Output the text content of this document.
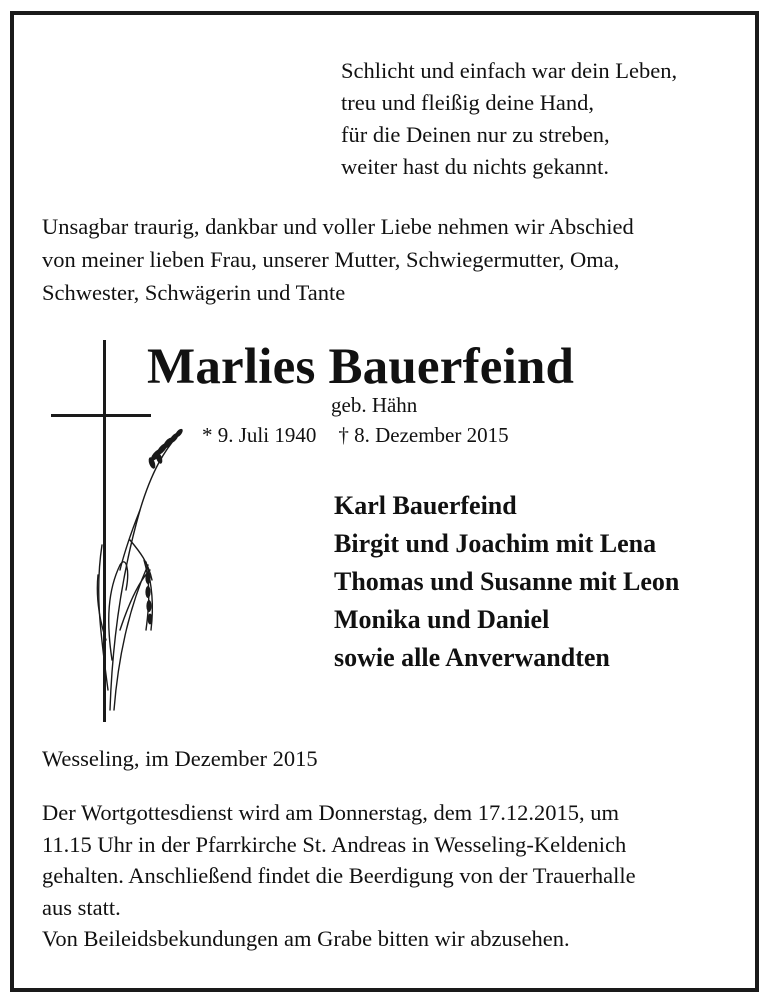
Schlicht und einfach war dein Leben,
treu und fleißig deine Hand,
für die Deinen nur zu streben,
weiter hast du nichts gekannt.
Unsagbar traurig, dankbar und voller Liebe nehmen wir Abschied
von meiner lieben Frau, unserer Mutter, Schwiegermutter, Oma,
Schwester, Schwägerin und Tante
Marlies Bauerfeind
geb. Hähn
* 9. Juli 1940 † 8. Dezember 2015
Karl Bauerfeind
Birgit und Joachim mit Lena
Thomas und Susanne mit Leon
Monika und Daniel
sowie alle Anverwandten
Wesseling, im Dezember 2015
Der Wortgottesdienst wird am Donnerstag, dem 17.12.2015, um
11.15 Uhr in der Pfarrkirche St. Andreas in Wesseling-Keldenich
gehalten. Anschließend findet die Beerdigung von der Trauerhalle
aus statt.
Von Beileidsbekundungen am Grabe bitten wir abzusehen.
